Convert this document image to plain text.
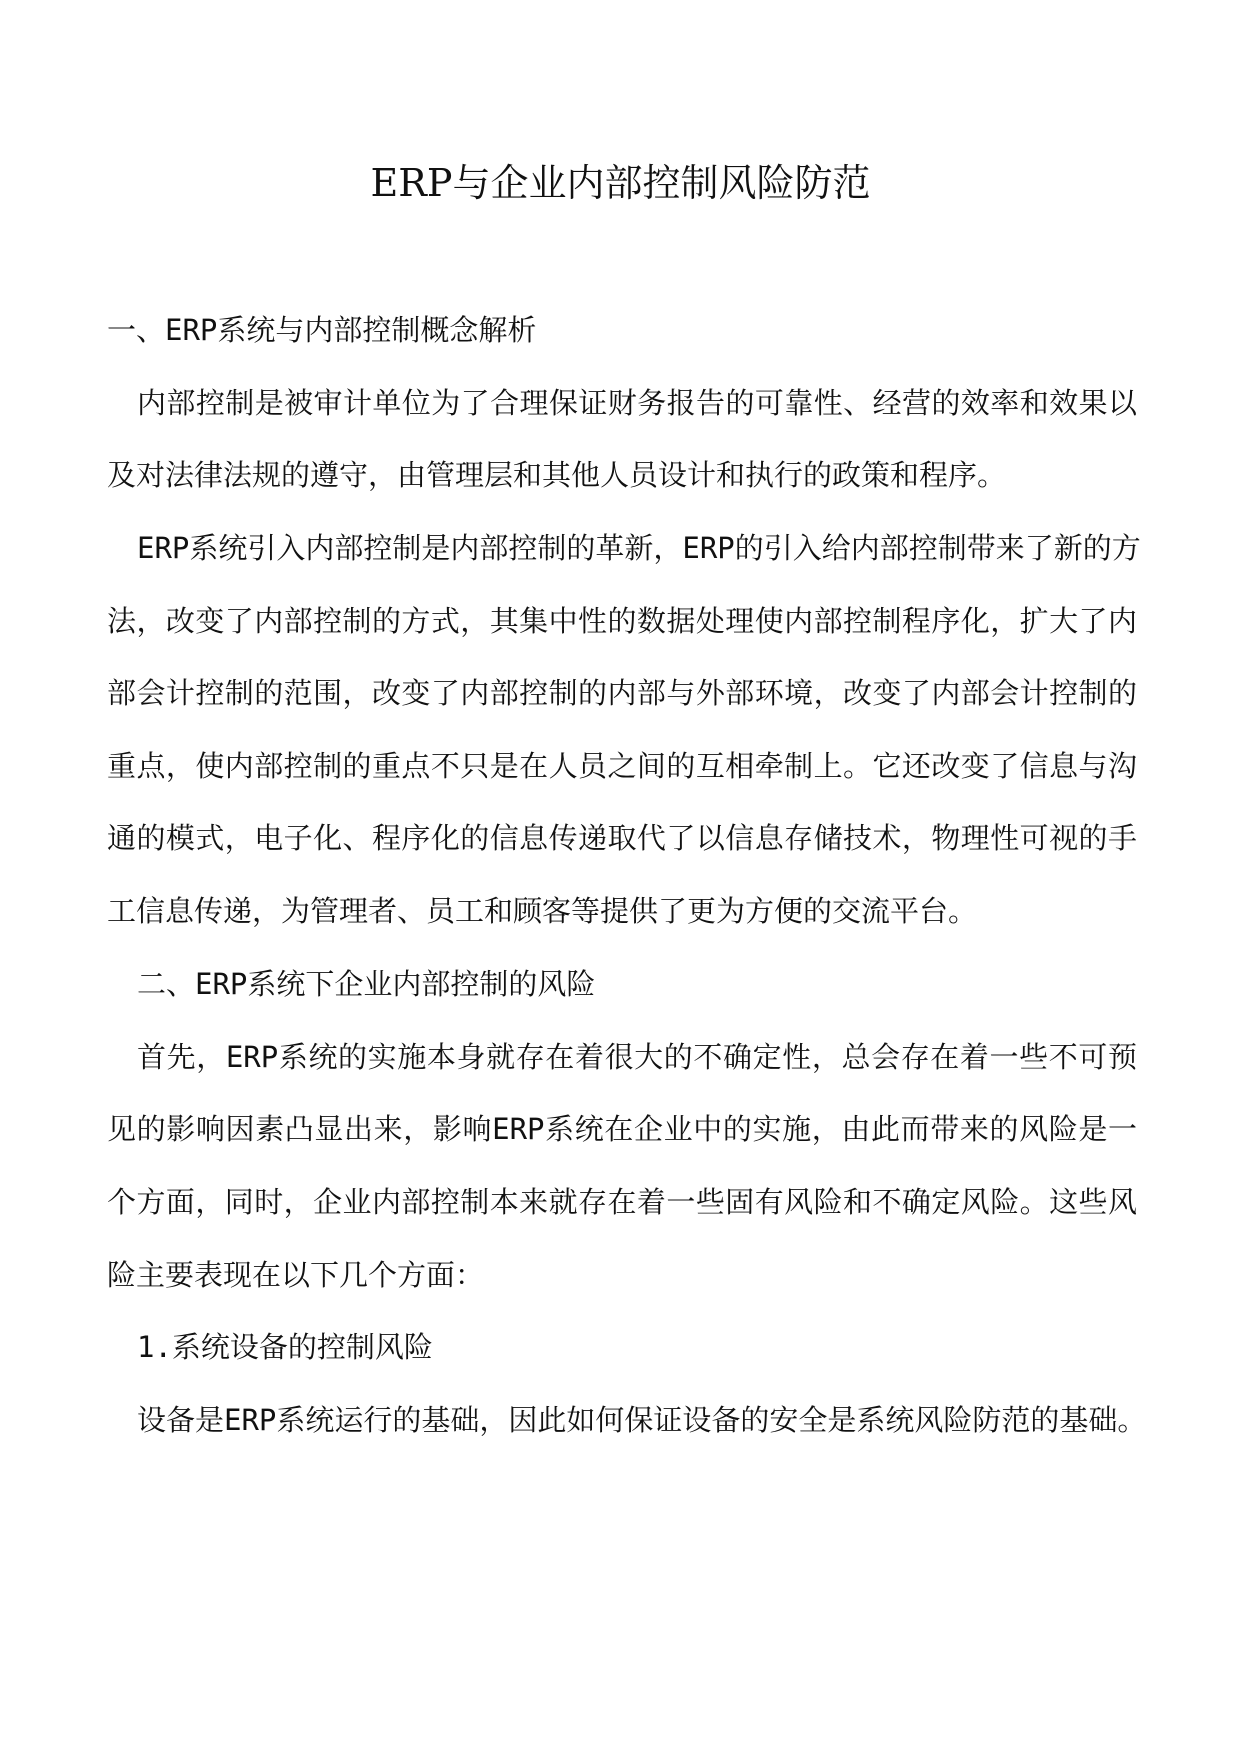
ERP与企业内部控制风险防范
一、ERP系统与内部控制概念解析
内部控制是被审计单位为了合理保证财务报告的可靠性、经营的效率和效果以
及对法律法规的遵守，由管理层和其他人员设计和执行的政策和程序。
ERP系统引入内部控制是内部控制的革新，ERP的引入给内部控制带来了新的方
法，改变了内部控制的方式，其集中性的数据处理使内部控制程序化，扩大了内
部会计控制的范围，改变了内部控制的内部与外部环境，改变了内部会计控制的
重点，使内部控制的重点不只是在人员之间的互相牵制上。它还改变了信息与沟
通的模式，电子化、程序化的信息传递取代了以信息存储技术，物理性可视的手
工信息传递，为管理者、员工和顾客等提供了更为方便的交流平台。
二、ERP系统下企业内部控制的风险
首先，ERP系统的实施本身就存在着很大的不确定性，总会存在着一些不可预
见的影响因素凸显出来，影响ERP系统在企业中的实施，由此而带来的风险是一
个方面，同时，企业内部控制本来就存在着一些固有风险和不确定风险。这些风
险主要表现在以下几个方面：
1.系统设备的控制风险
设备是ERP系统运行的基础，因此如何保证设备的安全是系统风险防范的基础。
